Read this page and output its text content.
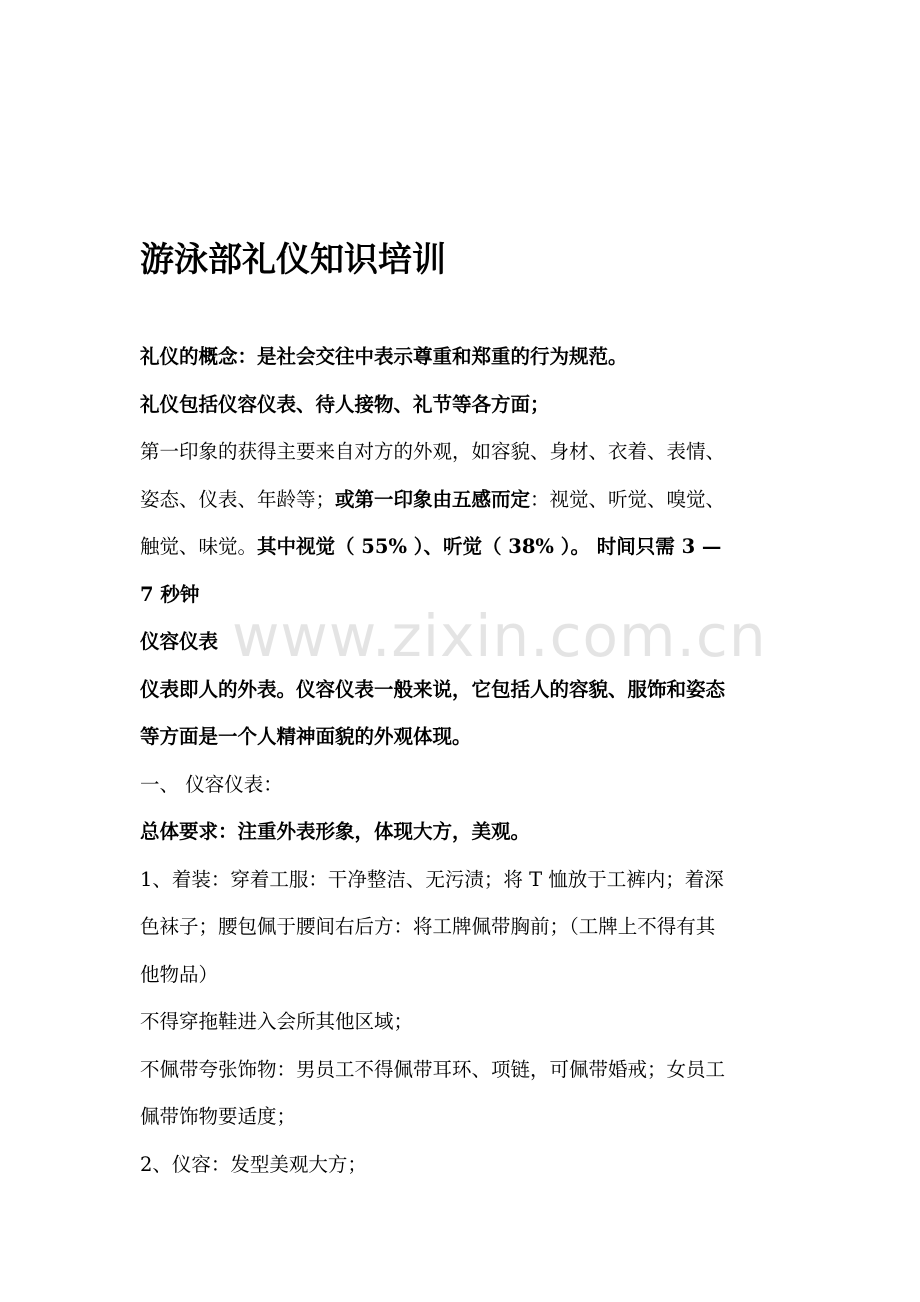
游泳部礼仪知识培训
礼仪的概念：是社会交往中表示尊重和郑重的行为规范。
礼仪包括仪容仪表、待人接物、礼节等各方面；
第一印象的获得主要来自对方的外观，如容貌、身材、衣着、表情、
姿态、仪表、年龄等；或第一印象由五感而定：视觉、听觉、嗅觉、
触觉、味觉。其中视觉（ 55% ）、听觉（ 38% ）。 时间只需 3 —
7 秒钟
仪容仪表
仪表即人的外表。仪容仪表一般来说，它包括人的容貌、服饰和姿态
等方面是一个人精神面貌的外观体现。
一、 仪容仪表：
总体要求：注重外表形象，体现大方，美观。
1、着装：穿着工服：干净整洁、无污渍；将 T 恤放于工裤内；着深
色袜子；腰包佩于腰间右后方：将工牌佩带胸前；（工牌上不得有其
他物品）
不得穿拖鞋进入会所其他区域；
不佩带夸张饰物：男员工不得佩带耳环、项链，可佩带婚戒；女员工
佩带饰物要适度；
2、仪容：发型美观大方；
www.zixin.com.cn
